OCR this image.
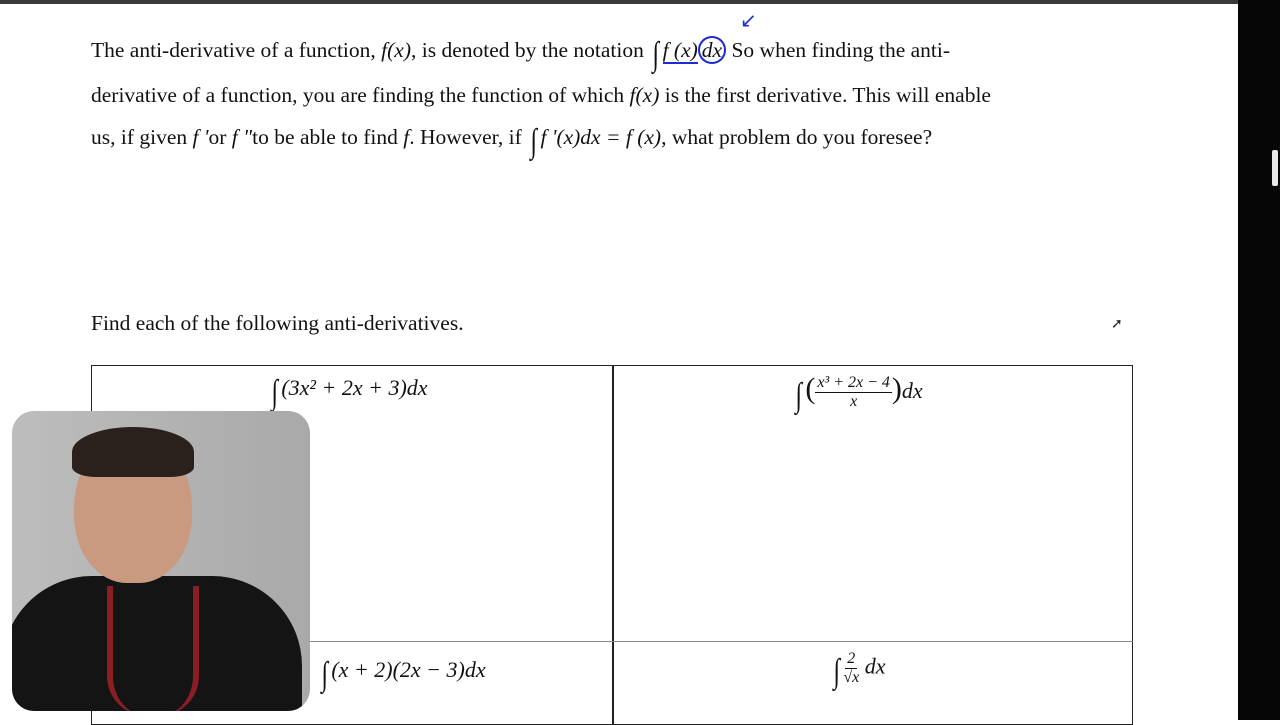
The anti-derivative of a function, f(x), is denoted by the notation ∫ f (x) dx So when finding the anti-
↙
derivative of a function, you are finding the function of which f(x) is the first derivative. This will enable
us, if given f 'or f "to be able to find f. However, if ∫ f '(x)dx = f (x), what problem do you foresee?
Find each of the following anti-derivatives.
∫ (3x² + 2x + 3)dx	∫ ( $\frac{\text{x³ + 2x − 4}}{x} )dx$
∫ (x + 2)(2x − 3)dx	∫ $\frac{2}{√x}$ dx
➚
